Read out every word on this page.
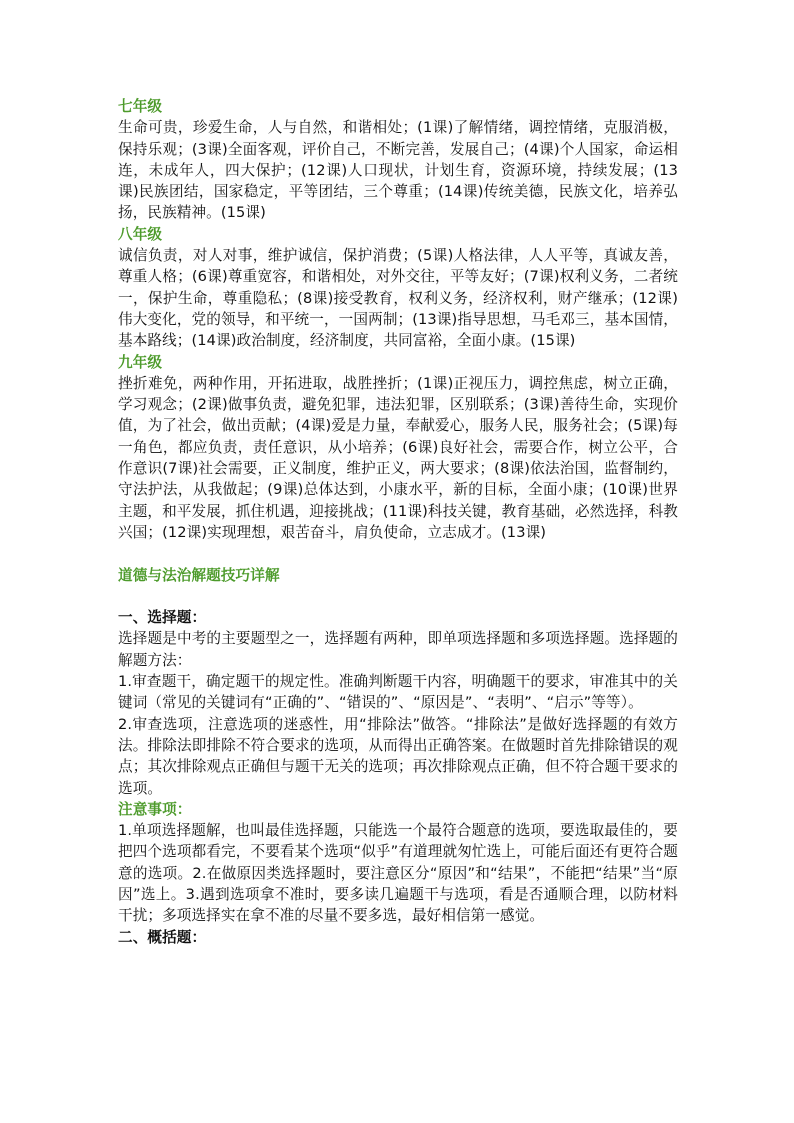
七年级

生命可贵，珍爱生命，人与自然，和谐相处；(1课)了解情绪，调控情绪，克服消极，保持乐观；(3课)全面客观，评价自己，不断完善，发展自己；(4课)个人国家，命运相连，未成年人，四大保护；(12课)人口现状，计划生育，资源环境，持续发展；(13课)民族团结，国家稳定，平等团结，三个尊重；(14课)传统美德，民族文化，培养弘扬，民族精神。(15课)

八年级

诚信负责，对人对事，维护诚信，保护消费；(5课)人格法律，人人平等，真诚友善，尊重人格；(6课)尊重宽容，和谐相处，对外交往，平等友好；(7课)权利义务，二者统一，保护生命，尊重隐私；(8课)接受教育，权利义务，经济权利，财产继承；(12课)伟大变化，党的领导，和平统一，一国两制；(13课)指导思想，马毛邓三，基本国情，基本路线；(14课)政治制度，经济制度，共同富裕，全面小康。(15课)

九年级

挫折难免，两种作用，开拓进取，战胜挫折；(1课)正视压力，调控焦虑，树立正确，学习观念；(2课)做事负责，避免犯罪，违法犯罪，区别联系；(3课)善待生命，实现价值，为了社会，做出贡献；(4课)爱是力量，奉献爱心，服务人民，服务社会；(5课)每一角色，都应负责，责任意识，从小培养；(6课)良好社会，需要合作，树立公平，合作意识(7课)社会需要，正义制度，维护正义，两大要求；(8课)依法治国，监督制约，守法护法，从我做起；(9课)总体达到，小康水平，新的目标，全面小康；(10课)世界主题，和平发展，抓住机遇，迎接挑战；(11课)科技关键，教育基础，必然选择，科教兴国；(12课)实现理想，艰苦奋斗，肩负使命，立志成才。(13课)

道德与法治解题技巧详解

一、选择题：

选择题是中考的主要题型之一，选择题有两种，即单项选择题和多项选择题。选择题的解题方法：

1.审查题干，确定题干的规定性。准确判断题干内容，明确题干的要求，审准其中的关键词（常见的关键词有“正确的”、“错误的”、“原因是”、“表明”、“启示”等等）。

2.审查选项，注意选项的迷惑性，用“排除法”做答。“排除法”是做好选择题的有效方法。排除法即排除不符合要求的选项，从而得出正确答案。在做题时首先排除错误的观点；其次排除观点正确但与题干无关的选项；再次排除观点正确，但不符合题干要求的选项。

注意事项：

1.单项选择题解，也叫最佳选择题，只能选一个最符合题意的选项，要选取最佳的，要把四个选项都看完，不要看某个选项“似乎”有道理就匆忙选上，可能后面还有更符合题意的选项。2.在做原因类选择题时，要注意区分“原因”和“结果”，不能把“结果”当“原因”选上。3.遇到选项拿不准时，要多读几遍题干与选项，看是否通顺合理，以防材料干扰；多项选择实在拿不准的尽量不要多选，最好相信第一感觉。

二、概括题：
